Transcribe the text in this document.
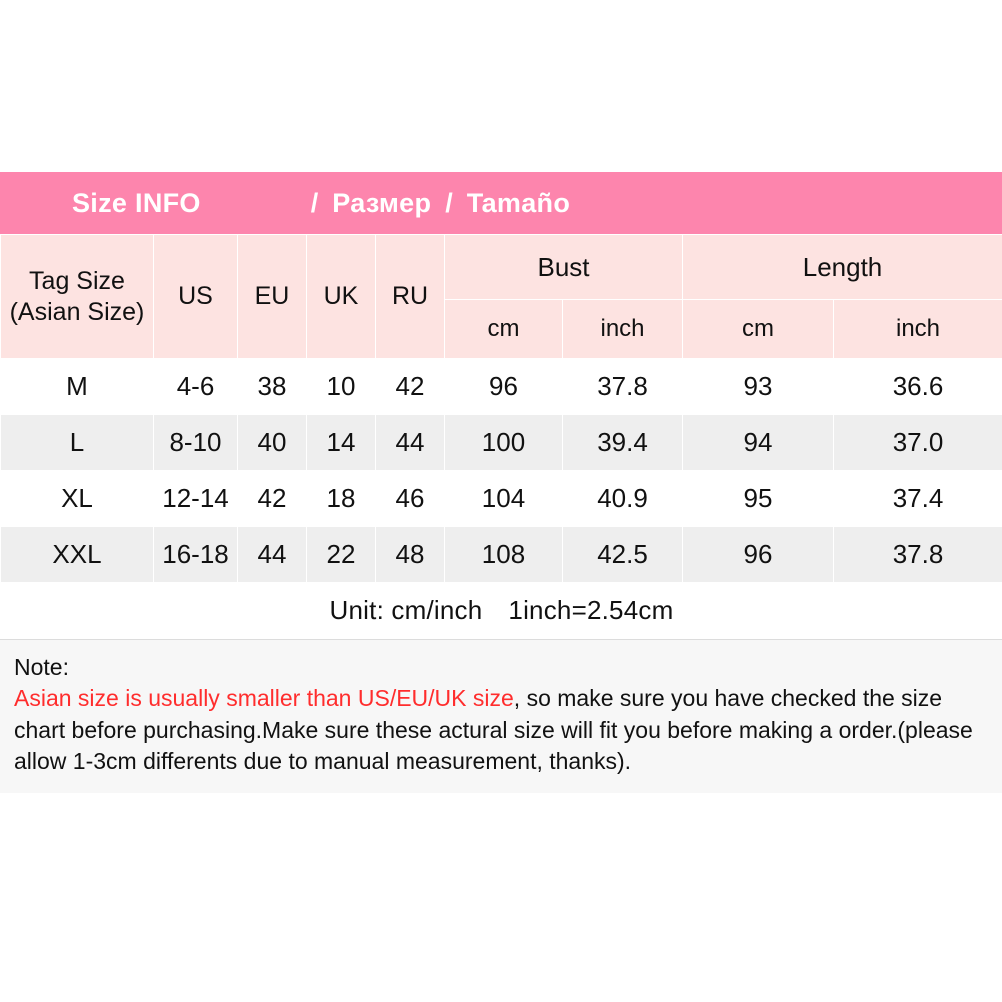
Size INFO	/ Размер / Tamaño
Tag Size (Asian Size)	US	EU	UK	RU	Bust		Length	
					cm	inch	cm	inch
M	4-6	38	10	42	96	37.8	93	36.6
L	8-10	40	14	44	100	39.4	94	37.0
XL	12-14	42	18	46	104	40.9	95	37.4
XXL	16-18	44	22	48	108	42.5	96	37.8
Unit: cm/inch 1inch=2.54cm								
Note:
Asian size is usually smaller than US/EU/UK size, so make sure you have checked the size chart before purchasing.Make sure these actural size will fit you before making a order.(please allow 1-3cm differents due to manual measurement, thanks).
